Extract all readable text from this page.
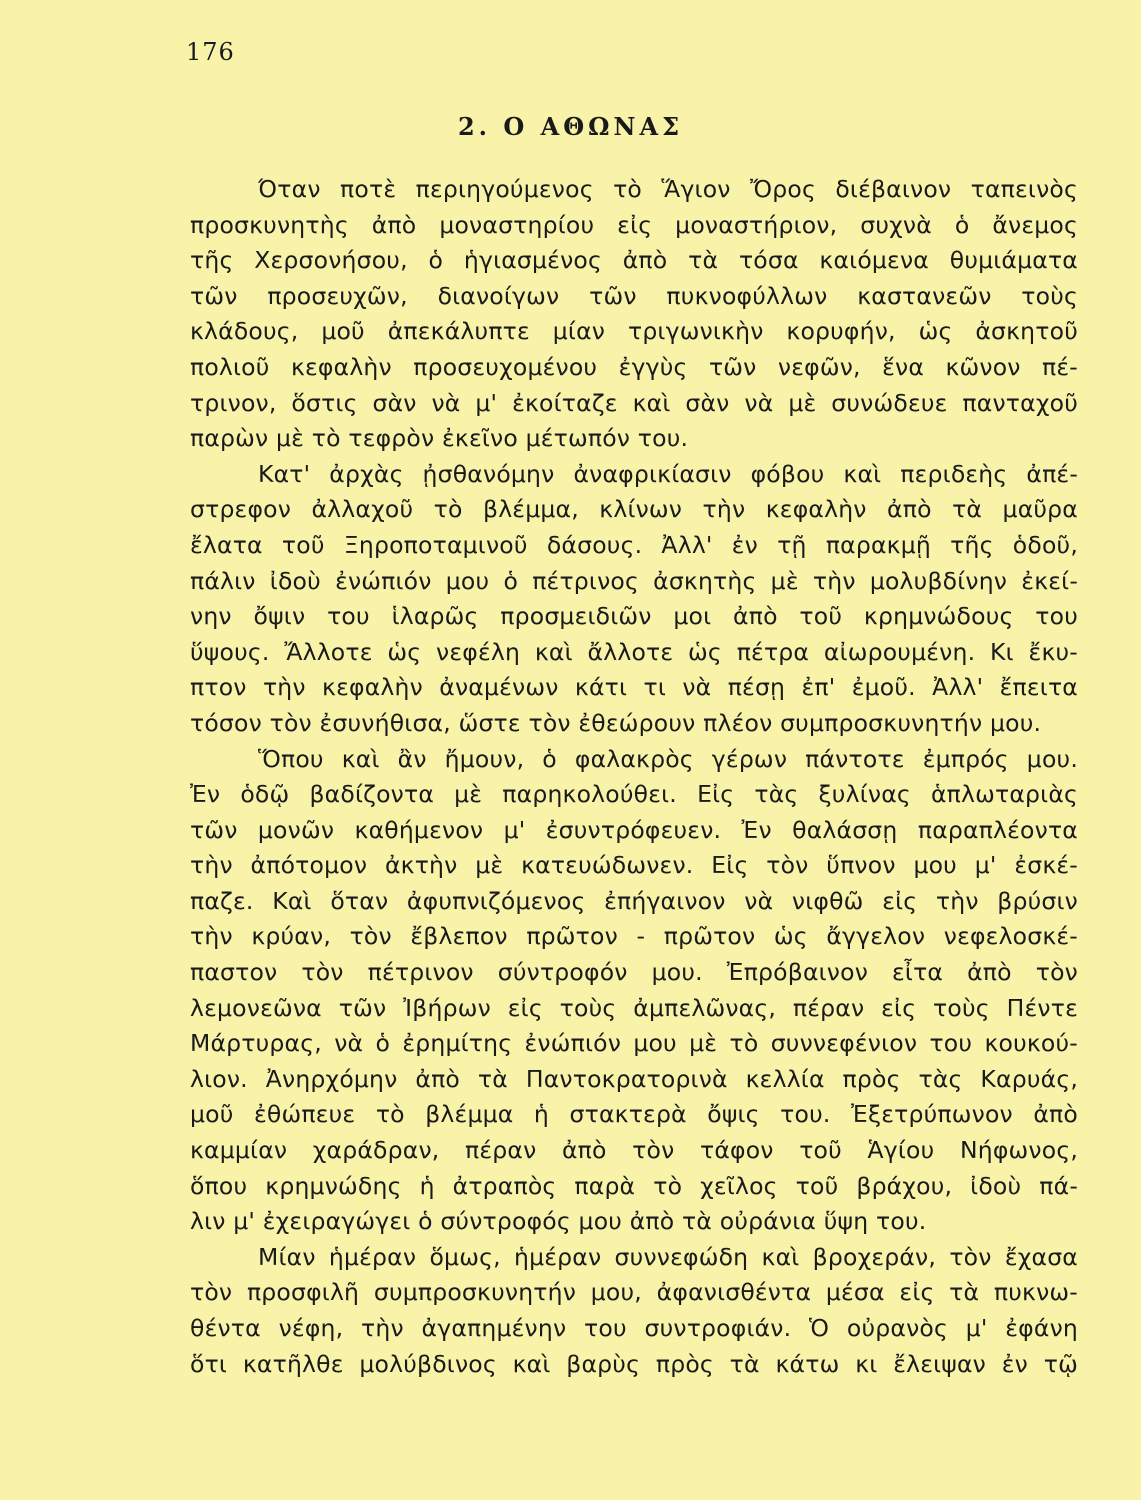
176
2. Ο ΑΘΩΝΑΣ
Όταν ποτὲ περιηγούμενος τὸ Ἅγιον Ὄρος διέβαινον ταπεινὸς
προσκυνητὴς ἀπὸ μοναστηρίου εἰς μοναστήριον, συχνὰ ὁ ἄνεμος
τῆς Χερσονήσου, ὁ ἡγιασμένος ἀπὸ τὰ τόσα καιόμενα θυμιάματα
τῶν προσευχῶν, διανοίγων τῶν πυκνοφύλλων καστανεῶν τοὺς
κλάδους, μοῦ ἀπεκάλυπτε μίαν τριγωνικὴν κορυφήν, ὡς ἀσκητοῦ
πολιοῦ κεφαλὴν προσευχομένου ἐγγὺς τῶν νεφῶν, ἕνα κῶνον πέ-
τρινον, ὅστις σὰν νὰ μ' ἐκοίταζε καὶ σὰν νὰ μὲ συνώδευε πανταχοῦ
παρὼν μὲ τὸ τεφρὸν ἐκεῖνο μέτωπόν του.
Κατ' ἀρχὰς ᾐσθανόμην ἀναφρικίασιν φόβου καὶ περιδεὴς ἀπέ-
στρεφον ἀλλαχοῦ τὸ βλέμμα, κλίνων τὴν κεφαλὴν ἀπὸ τὰ μαῦρα
ἔλατα τοῦ Ξηροποταμινοῦ δάσους. Ἀλλ' ἐν τῇ παρακμῇ τῆς ὁδοῦ,
πάλιν ἰδοὺ ἐνώπιόν μου ὁ πέτρινος ἀσκητὴς μὲ τὴν μολυβδίνην ἐκεί-
νην ὄψιν του ἱλαρῶς προσμειδιῶν μοι ἀπὸ τοῦ κρημνώδους του
ὕψους. Ἄλλοτε ὡς νεφέλη καὶ ἄλλοτε ὡς πέτρα αἰωρουμένη. Κι ἔκυ-
πτον τὴν κεφαλὴν ἀναμένων κάτι τι νὰ πέσῃ ἐπ' ἐμοῦ. Ἀλλ' ἔπειτα
τόσον τὸν ἐσυνήθισα, ὥστε τὸν ἐθεώρουν πλέον συμπροσκυνητήν μου.
Ὅπου καὶ ἂν ἤμουν, ὁ φαλακρὸς γέρων πάντοτε ἐμπρός μου.
Ἐν ὁδῷ βαδίζοντα μὲ παρηκολούθει. Εἰς τὰς ξυλίνας ἁπλωταριὰς
τῶν μονῶν καθήμενον μ' ἐσυντρόφευεν. Ἐν θαλάσσῃ παραπλέοντα
τὴν ἀπότομον ἀκτὴν μὲ κατευώδωνεν. Εἰς τὸν ὕπνον μου μ' ἐσκέ-
παζε. Καὶ ὅταν ἀφυπνιζόμενος ἐπήγαινον νὰ νιφθῶ εἰς τὴν βρύσιν
τὴν κρύαν, τὸν ἔβλεπον πρῶτον - πρῶτον ὡς ἄγγελον νεφελοσκέ-
παστον τὸν πέτρινον σύντροφόν μου. Ἐπρόβαινον εἶτα ἀπὸ τὸν
λεμονεῶνα τῶν Ἰβήρων εἰς τοὺς ἀμπελῶνας, πέραν εἰς τοὺς Πέντε
Μάρτυρας, νὰ ὁ ἐρημίτης ἐνώπιόν μου μὲ τὸ συννεφένιον του κουκού-
λιον. Ἀνηρχόμην ἀπὸ τὰ Παντοκρατορινὰ κελλία πρὸς τὰς Καρυάς,
μοῦ ἐθώπευε τὸ βλέμμα ἡ στακτερὰ ὄψις του. Ἐξετρύπωνον ἀπὸ
καμμίαν χαράδραν, πέραν ἀπὸ τὸν τάφον τοῦ Ἁγίου Νήφωνος,
ὅπου κρημνώδης ἡ ἀτραπὸς παρὰ τὸ χεῖλος τοῦ βράχου, ἰδοὺ πά-
λιν μ' ἐχειραγώγει ὁ σύντροφός μου ἀπὸ τὰ οὐράνια ὕψη του.
Μίαν ἡμέραν ὅμως, ἡμέραν συννεφώδη καὶ βροχεράν, τὸν ἔχασα
τὸν προσφιλῆ συμπροσκυνητήν μου, ἀφανισθέντα μέσα εἰς τὰ πυκνω-
θέντα νέφη, τὴν ἀγαπημένην του συντροφιάν. Ὁ οὐρανὸς μ' ἐφάνη
ὅτι κατῆλθε μολύβδινος καὶ βαρὺς πρὸς τὰ κάτω κι ἔλειψαν ἐν τῷ
